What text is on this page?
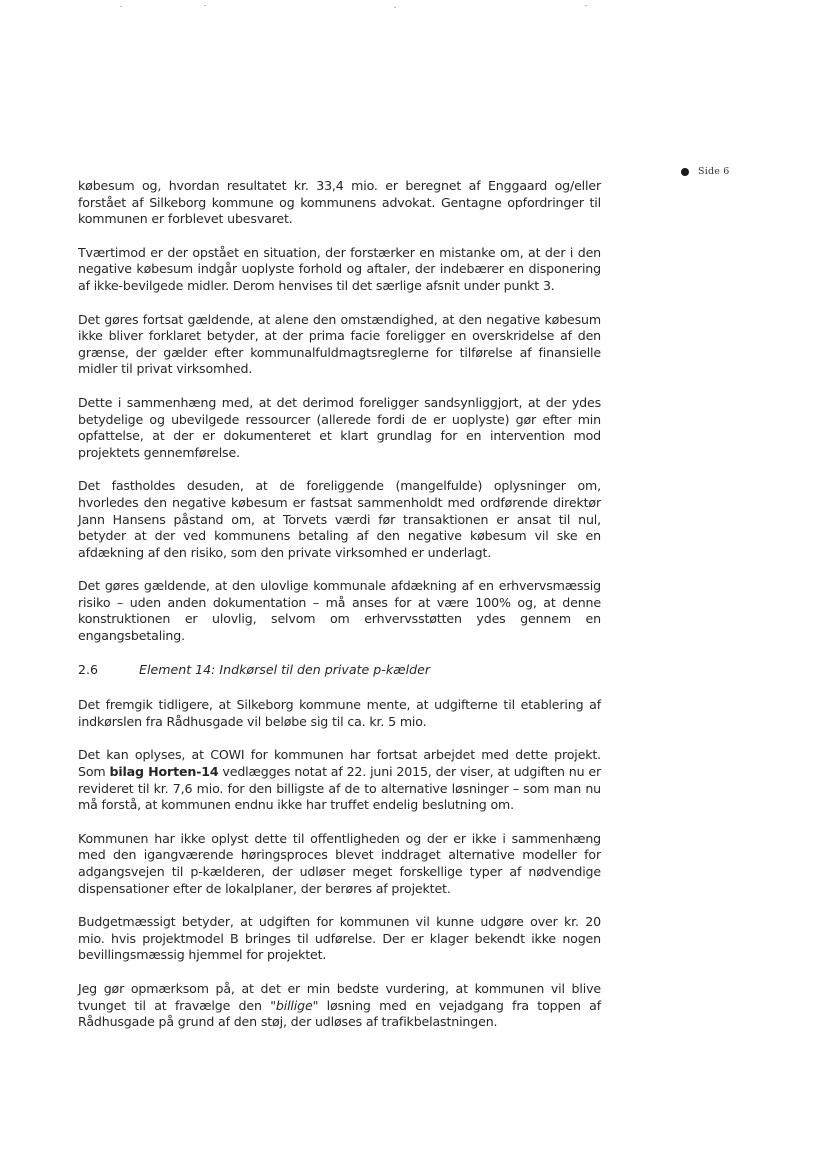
Side 6

købesum og, hvordan resultatet kr. 33,4 mio. er beregnet af Enggaard og/eller forstået af Silkeborg kommune og kommunens advokat. Gentagne opfordringer til kommunen er forblevet ubesvaret.

Tværtimod er der opstået en situation, der forstærker en mistanke om, at der i den negative købesum indgår uoplyste forhold og aftaler, der indebærer en disponering af ikke-bevilgede midler. Derom henvises til det særlige afsnit under punkt 3.

Det gøres fortsat gældende, at alene den omstændighed, at den negative købesum ikke bliver forklaret betyder, at der prima facie foreligger en overskridelse af den grænse, der gælder efter kommunalfuldmagtsreglerne for tilførelse af finansielle midler til privat virksomhed.

Dette i sammenhæng med, at det derimod foreligger sandsynliggjort, at der ydes betydelige og ubevilgede ressourcer (allerede fordi de er uoplyste) gør efter min opfattelse, at der er dokumenteret et klart grundlag for en intervention mod projektets gennemførelse.

Det fastholdes desuden, at de foreliggende (mangelfulde) oplysninger om, hvorledes den negative købesum er fastsat sammenholdt med ordførende direktør Jann Hansens påstand om, at Torvets værdi før transaktionen er ansat til nul, betyder at der ved kommunens betaling af den negative købesum vil ske en afdækning af den risiko, som den private virksomhed er underlagt.

Det gøres gældende, at den ulovlige kommunale afdækning af en erhvervsmæssig risiko – uden anden dokumentation – må anses for at være 100% og, at denne konstruktionen er ulovlig, selvom om erhvervsstøtten ydes gennem en engangsbetaling.

2.6	Element 14: Indkørsel til den private p-kælder

Det fremgik tidligere, at Silkeborg kommune mente, at udgifterne til etablering af indkørslen fra Rådhusgade vil beløbe sig til ca. kr. 5 mio.

Det kan oplyses, at COWI for kommunen har fortsat arbejdet med dette projekt. Som bilag Horten-14 vedlægges notat af 22. juni 2015, der viser, at udgiften nu er revideret til kr. 7,6 mio. for den billigste af de to alternative løsninger – som man nu må forstå, at kommunen endnu ikke har truffet endelig beslutning om.

Kommunen har ikke oplyst dette til offentligheden og der er ikke i sammenhæng med den igangværende høringsproces blevet inddraget alternative modeller for adgangsvejen til p-kælderen, der udløser meget forskellige typer af nødvendige dispensationer efter de lokalplaner, der berøres af projektet.

Budgetmæssigt betyder, at udgiften for kommunen vil kunne udgøre over kr. 20 mio. hvis projektmodel B bringes til udførelse. Der er klager bekendt ikke nogen bevillingsmæssig hjemmel for projektet.

Jeg gør opmærksom på, at det er min bedste vurdering, at kommunen vil blive tvunget til at fravælge den "billige" løsning med en vejadgang fra toppen af Rådhusgade på grund af den støj, der udløses af trafikbelastningen.
